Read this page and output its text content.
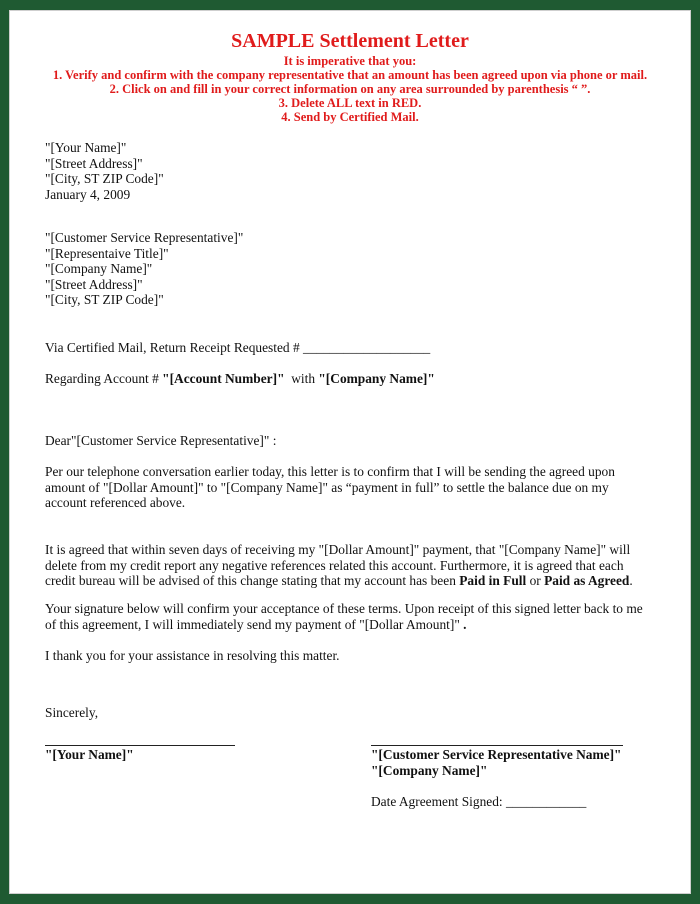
SAMPLE Settlement Letter
It is imperative that you:
1. Verify and confirm with the company representative that an amount has been agreed upon via phone or mail.
2. Click on and fill in your correct information on any area surrounded by parenthesis “ ”.
3. Delete ALL text in RED.
4. Send by Certified Mail.
"[Your Name]"
"[Street Address]"
"[City, ST ZIP Code]"
January 4, 2009
"[Customer Service Representative]"
"[Representaive Title]"
"[Company Name]"
"[Street Address]"
"[City, ST ZIP Code]"
Via Certified Mail, Return Receipt Requested # ___________________
Regarding Account # "[Account Number]"  with "[Company Name]"
Dear"[Customer Service Representative]" :
Per our telephone conversation earlier today, this letter is to confirm that I will be sending the agreed upon
amount of "[Dollar Amount]" to "[Company Name]" as “payment in full” to settle the balance due on my
account referenced above.
It is agreed that within seven days of receiving my "[Dollar Amount]" payment, that "[Company Name]" will
delete from my credit report any negative references related this account. Furthermore, it is agreed that each
credit bureau will be advised of this change stating that my account has been Paid in Full or Paid as Agreed.
Your signature below will confirm your acceptance of these terms. Upon receipt of this signed letter back to me
of this agreement, I will immediately send my payment of "[Dollar Amount]" .
I thank you for your assistance in resolving this matter.
Sincerely,
"[Your Name]"	"[Customer Service Representative Name]"
"[Company Name]"
Date Agreement Signed: ____________
